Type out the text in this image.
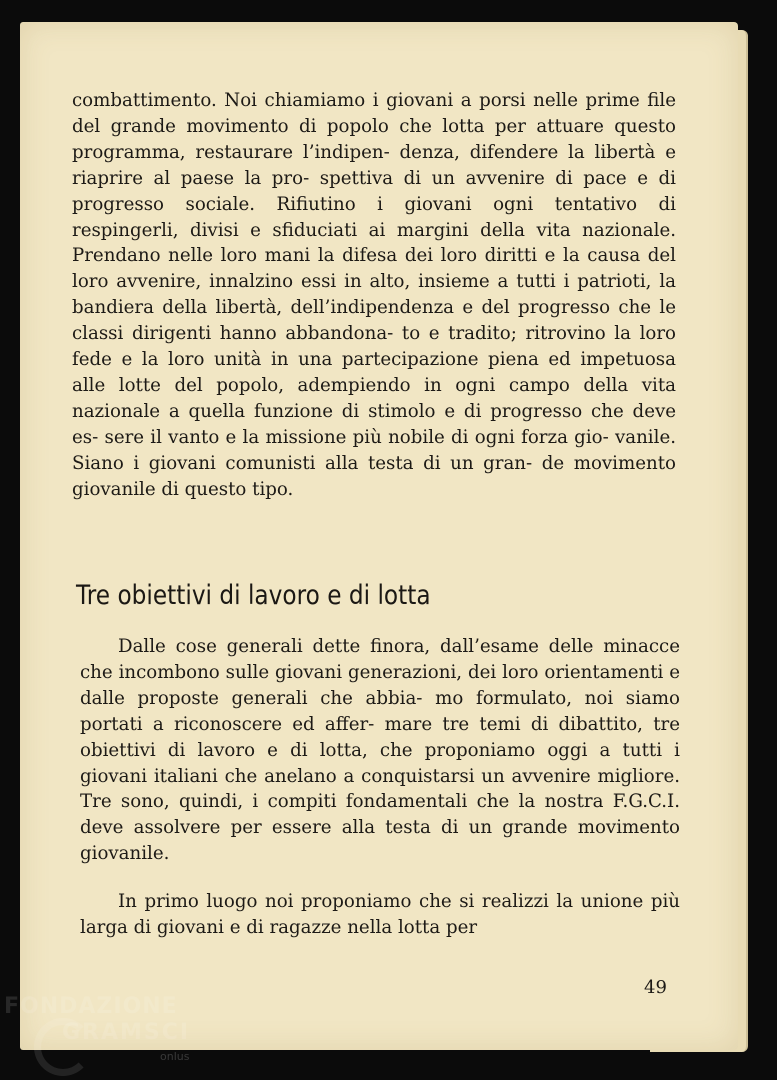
combattimento. Noi chiamiamo i giovani a porsi nelle prime file del grande movimento di popolo che lotta per attuare questo programma, restaurare l’indipen- denza, difendere la libertà e riaprire al paese la pro- spettiva di un avvenire di pace e di progresso sociale. Rifiutino i giovani ogni tentativo di respingerli, divisi e sfiduciati ai margini della vita nazionale. Prendano nelle loro mani la difesa dei loro diritti e la causa del loro avvenire, innalzino essi in alto, insieme a tutti i patrioti, la bandiera della libertà, dell’indipendenza e del progresso che le classi dirigenti hanno abbandona- to e tradito; ritrovino la loro fede e la loro unità in una partecipazione piena ed impetuosa alle lotte del popolo, adempiendo in ogni campo della vita nazionale a quella funzione di stimolo e di progresso che deve es- sere il vanto e la missione più nobile di ogni forza gio- vanile. Siano i giovani comunisti alla testa di un gran- de movimento giovanile di questo tipo.

Tre obiettivi di lavoro e di lotta

Dalle cose generali dette finora, dall’esame delle minacce che incombono sulle giovani generazioni, dei loro orientamenti e dalle proposte generali che abbia- mo formulato, noi siamo portati a riconoscere ed affer- mare tre temi di dibattito, tre obiettivi di lavoro e di lotta, che proponiamo oggi a tutti i giovani italiani che anelano a conquistarsi un avvenire migliore. Tre sono, quindi, i compiti fondamentali che la nostra F.G.C.I. deve assolvere per essere alla testa di un grande movimento giovanile.

In primo luogo noi proponiamo che si realizzi la unione più larga di giovani e di ragazze nella lotta per

49
FONDAZIONE
GRAMSCI
onlus
